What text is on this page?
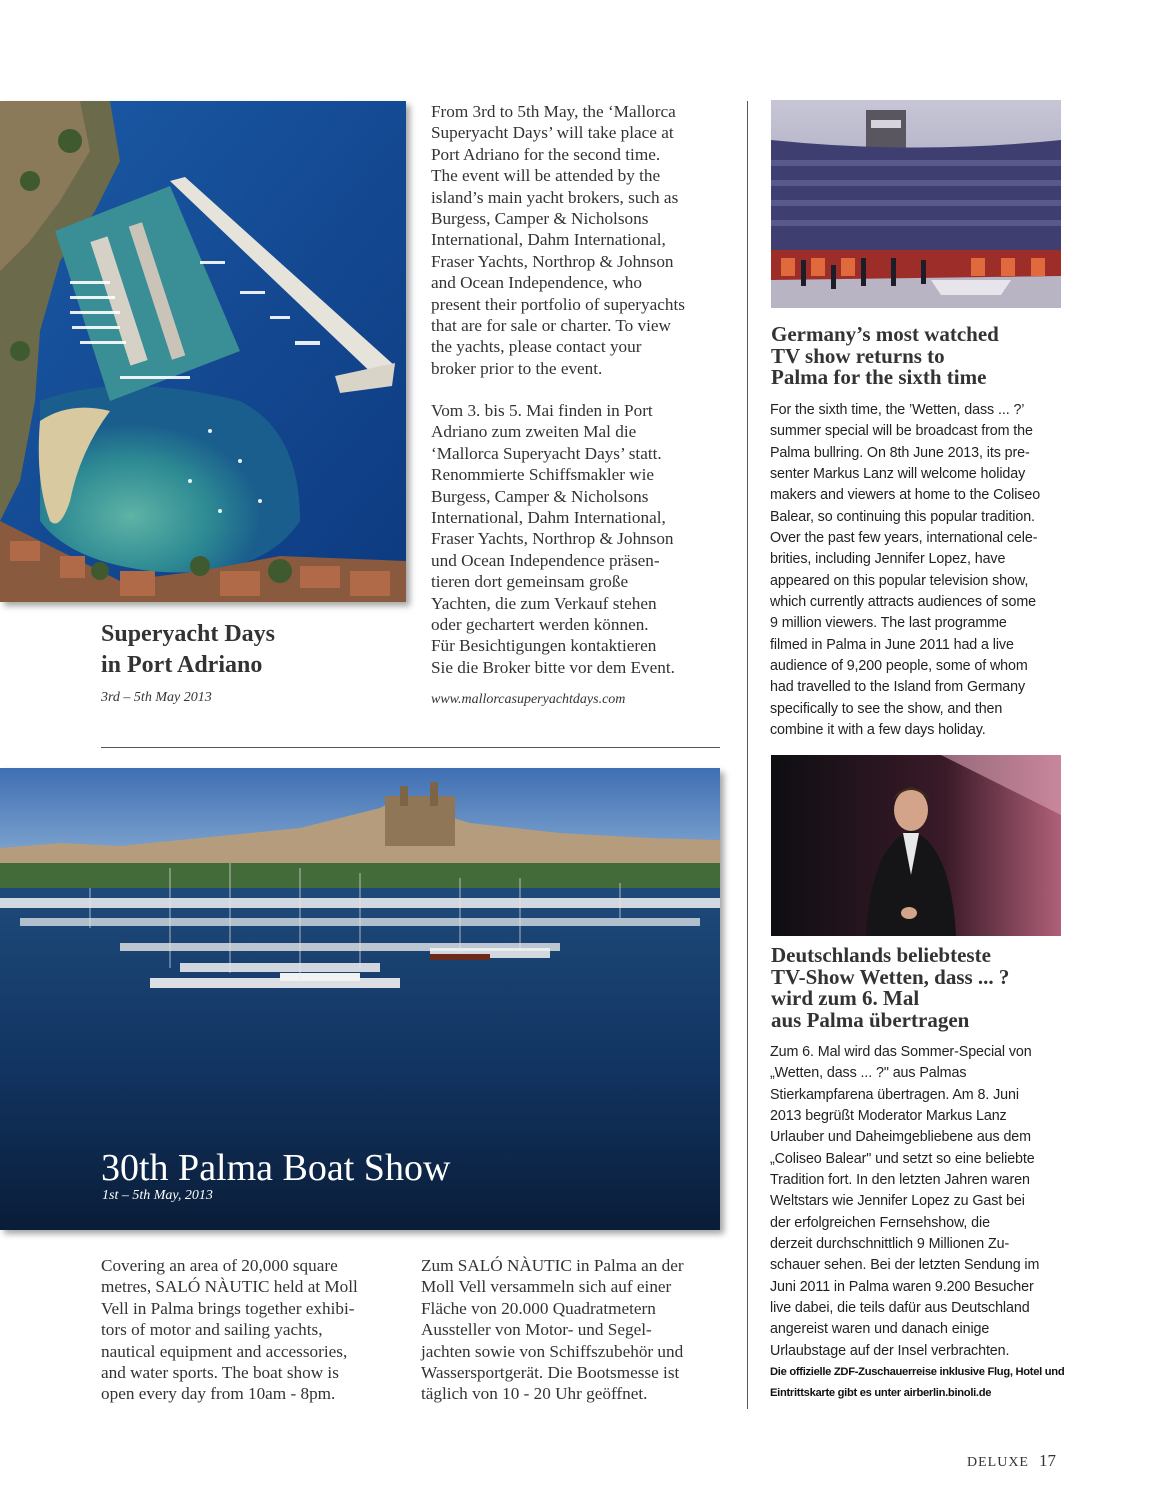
Superyacht Days
in Port Adriano

3rd – 5th May 2013

From 3rd to 5th May, the ‘Mallorca
Superyacht Days’ will take place at
Port Adriano for the second time.
The event will be attended by the
island’s main yacht brokers, such as
Burgess, Camper & Nicholsons
International, Dahm International,
Fraser Yachts, Northrop & Johnson
and Ocean Independence, who
present their portfolio of superyachts
that are for sale or charter. To view
the yachts, please contact your
broker prior to the event.

Vom 3. bis 5. Mai finden in Port
Adriano zum zweiten Mal die
‘Mallorca Superyacht Days’ statt.
Renommierte Schiffsmakler wie
Burgess, Camper & Nicholsons
International, Dahm International,
Fraser Yachts, Northrop & Johnson
und Ocean Independence präsen-
tieren dort gemeinsam große
Yachten, die zum Verkauf stehen
oder gechartert werden können.
Für Besichtigungen kontaktieren
Sie die Broker bitte vor dem Event.

www.mallorcasuperyachtdays.com
Germany’s most watched
TV show returns to
Palma for the sixth time

For the sixth time, the ’Wetten, dass ... ?’
summer special will be broadcast from the
Palma bullring. On 8th June 2013, its pre-
senter Markus Lanz will welcome holiday
makers and viewers at home to the Coliseo
Balear, so continuing this popular tradition.
Over the past few years, international cele-
brities, including Jennifer Lopez, have
appeared on this popular television show,
which currently attracts audiences of some
9 million viewers. The last programme
filmed in Palma in June 2011 had a live
audience of 9,200 people, some of whom
had travelled to the Island from Germany
specifically to see the show, and then
combine it with a few days holiday.

Deutschlands beliebteste
TV-Show Wetten, dass ... ?
wird zum 6. Mal
aus Palma übertragen

Zum 6. Mal wird das Sommer-Special von
„Wetten, dass ... ?" aus Palmas
Stierkampfarena übertragen. Am 8. Juni
2013 begrüßt Moderator Markus Lanz
Urlauber und Daheimgebliebene aus dem
„Coliseo Balear" und setzt so eine beliebte
Tradition fort. In den letzten Jahren waren
Weltstars wie Jennifer Lopez zu Gast bei
der erfolgreichen Fernsehshow, die
derzeit durchschnittlich 9 Millionen Zu-
schauer sehen. Bei der letzten Sendung im
Juni 2011 in Palma waren 9.200 Besucher
live dabei, die teils dafür aus Deutschland
angereist waren und danach einige
Urlaubstage auf der Insel verbrachten.

Die offizielle ZDF-Zuschauerreise inklusive Flug, Hotel und
Eintrittskarte gibt es unter airberlin.binoli.de

30th Palma Boat Show

1st – 5th May, 2013

Covering an area of 20,000 square
metres, SALÓ NÀUTIC held at Moll
Vell in Palma brings together exhibi-
tors of motor and sailing yachts,
nautical equipment and accessories,
and water sports. The boat show is
open every day from 10am - 8pm.

Zum SALÓ NÀUTIC in Palma an der
Moll Vell versammeln sich auf einer
Fläche von 20.000 Quadratmetern
Aussteller von Motor- und Segel-
jachten sowie von Schiffszubehör und
Wassersportgerät. Die Bootsmesse ist
täglich von 10 - 20 Uhr geöffnet.

DELUXE 17
